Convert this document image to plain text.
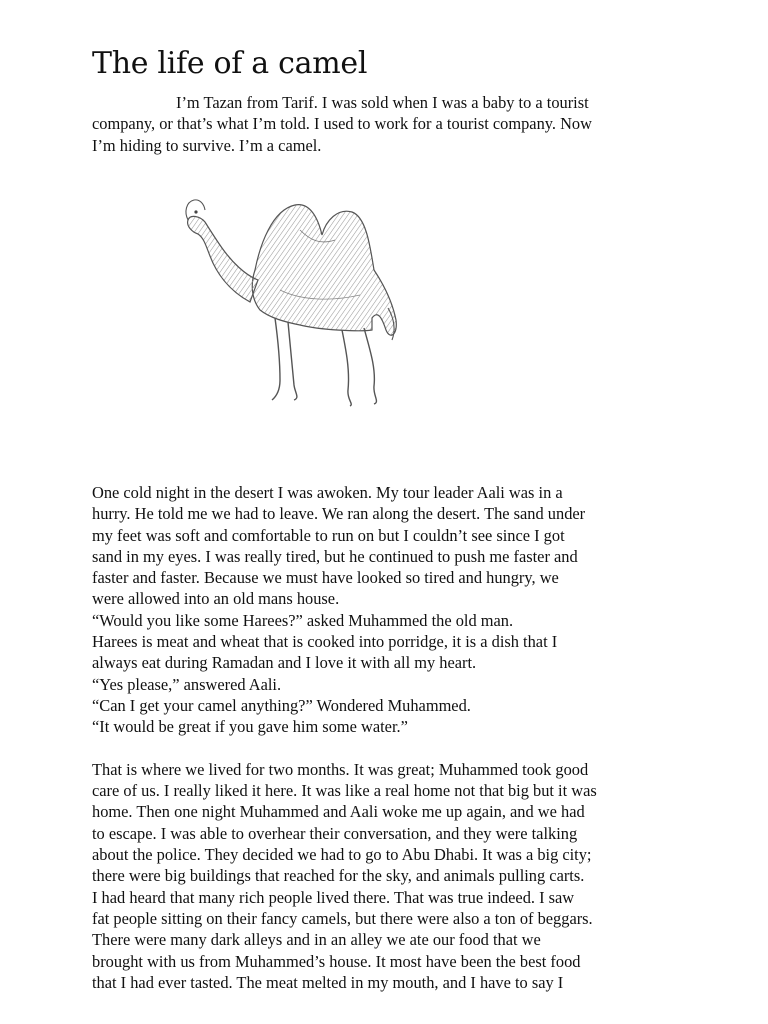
The life of a camel
I’m Tazan from Tarif. I was sold when I was a baby to a tourist
company, or that’s what I’m told. I used to work for a tourist company. Now
I’m hiding to survive. I’m a camel.
One cold night in the desert I was awoken. My tour leader Aali was in a
hurry. He told me we had to leave. We ran along the desert. The sand under
my feet was soft and comfortable to run on but I couldn’t see since I got
sand in my eyes. I was really tired, but he continued to push me faster and
faster and faster. Because we must have looked so tired and hungry, we
were allowed into an old mans house.
“Would you like some Harees?” asked Muhammed the old man.
Harees is meat and wheat that is cooked into porridge, it is a dish that I
always eat during Ramadan and I love it with all my heart.
“Yes please,” answered Aali.
“Can I get your camel anything?” Wondered Muhammed.
“It would be great if you gave him some water.”
That is where we lived for two months. It was great; Muhammed took good
care of us. I really liked it here. It was like a real home not that big but it was
home. Then one night Muhammed and Aali woke me up again, and we had
to escape. I was able to overhear their conversation, and they were talking
about the police. They decided we had to go to Abu Dhabi. It was a big city;
there were big buildings that reached for the sky, and animals pulling carts.
I had heard that many rich people lived there. That was true indeed. I saw
fat people sitting on their fancy camels, but there were also a ton of beggars.
There were many dark alleys and in an alley we ate our food that we
brought with us from Muhammed’s house. It most have been the best food
that I had ever tasted. The meat melted in my mouth, and I have to say I
